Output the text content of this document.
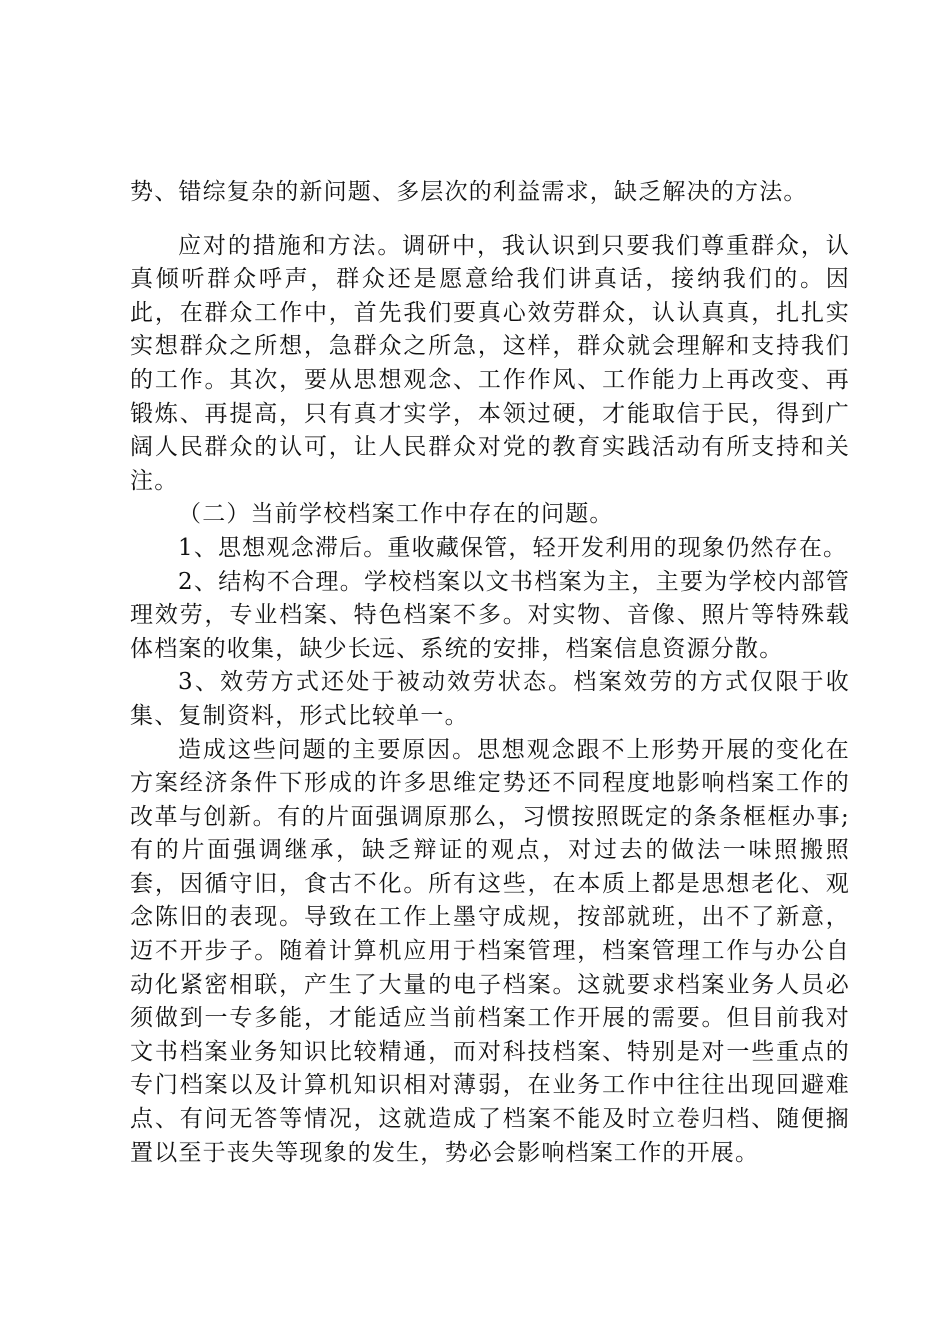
势、错综复杂的新问题、多层次的利益需求，缺乏解决的方法。

应对的措施和方法。调研中，我认识到只要我们尊重群众，认真倾听群众呼声，群众还是愿意给我们讲真话，接纳我们的。因此，在群众工作中，首先我们要真心效劳群众，认认真真，扎扎实实想群众之所想，急群众之所急，这样，群众就会理解和支持我们的工作。其次，要从思想观念、工作作风、工作能力上再改变、再锻炼、再提高，只有真才实学，本领过硬，才能取信于民，得到广阔人民群众的认可，让人民群众对党的教育实践活动有所支持和关注。

（二）当前学校档案工作中存在的问题。

1、思想观念滞后。重收藏保管，轻开发利用的现象仍然存在。

2、结构不合理。学校档案以文书档案为主，主要为学校内部管理效劳，专业档案、特色档案不多。对实物、音像、照片等特殊载体档案的收集，缺少长远、系统的安排，档案信息资源分散。

3、效劳方式还处于被动效劳状态。档案效劳的方式仅限于收集、复制资料，形式比较单一。

造成这些问题的主要原因。思想观念跟不上形势开展的变化在方案经济条件下形成的许多思维定势还不同程度地影响档案工作的改革与创新。有的片面强调原那么，习惯按照既定的条条框框办事;有的片面强调继承，缺乏辩证的观点，对过去的做法一味照搬照套，因循守旧，食古不化。所有这些，在本质上都是思想老化、观念陈旧的表现。导致在工作上墨守成规，按部就班，出不了新意，迈不开步子。随着计算机应用于档案管理，档案管理工作与办公自动化紧密相联，产生了大量的电子档案。这就要求档案业务人员必须做到一专多能，才能适应当前档案工作开展的需要。但目前我对文书档案业务知识比较精通，而对科技档案、特别是对一些重点的专门档案以及计算机知识相对薄弱，在业务工作中往往出现回避难点、有问无答等情况，这就造成了档案不能及时立卷归档、随便搁置以至于丧失等现象的发生，势必会影响档案工作的开展。
